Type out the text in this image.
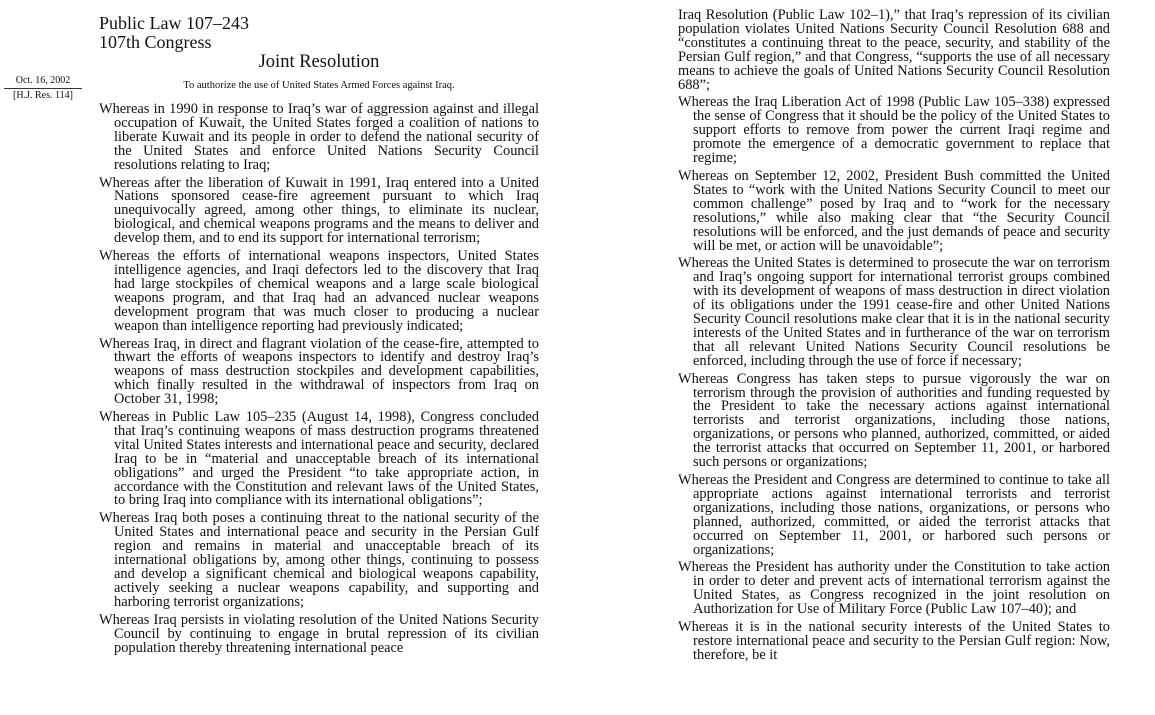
Public Law 107–243
107th Congress
Joint Resolution
To authorize the use of United States Armed Forces against Iraq.
Oct. 16, 2002
[H.J. Res. 114]
Whereas in 1990 in response to Iraq’s war of aggression against and illegal occupation of Kuwait, the United States forged a coalition of nations to liberate Kuwait and its people in order to defend the national security of the United States and enforce United Nations Security Council resolutions relating to Iraq;
Whereas after the liberation of Kuwait in 1991, Iraq entered into a United Nations sponsored cease-fire agreement pursuant to which Iraq unequivocally agreed, among other things, to eliminate its nuclear, biological, and chemical weapons programs and the means to deliver and develop them, and to end its support for international terrorism;
Whereas the efforts of international weapons inspectors, United States intelligence agencies, and Iraqi defectors led to the discovery that Iraq had large stockpiles of chemical weapons and a large scale biological weapons program, and that Iraq had an advanced nuclear weapons development program that was much closer to producing a nuclear weapon than intelligence reporting had previously indicated;
Whereas Iraq, in direct and flagrant violation of the cease-fire, attempted to thwart the efforts of weapons inspectors to identify and destroy Iraq’s weapons of mass destruction stockpiles and development capabilities, which finally resulted in the withdrawal of inspectors from Iraq on October 31, 1998;
Whereas in Public Law 105–235 (August 14, 1998), Congress concluded that Iraq’s continuing weapons of mass destruction programs threatened vital United States interests and international peace and security, declared Iraq to be in “material and unacceptable breach of its international obligations” and urged the President “to take appropriate action, in accordance with the Constitution and relevant laws of the United States, to bring Iraq into compliance with its international obligations”;
Whereas Iraq both poses a continuing threat to the national security of the United States and international peace and security in the Persian Gulf region and remains in material and unacceptable breach of its international obligations by, among other things, continuing to possess and develop a significant chemical and biological weapons capability, actively seeking a nuclear weapons capability, and supporting and harboring terrorist organizations;
Whereas Iraq persists in violating resolution of the United Nations Security Council by continuing to engage in brutal repression of its civilian population thereby threatening international peace
Iraq Resolution (Public Law 102–1),” that Iraq’s repression of its civilian population violates United Nations Security Council Resolution 688 and “constitutes a continuing threat to the peace, security, and stability of the Persian Gulf region,” and that Congress, “supports the use of all necessary means to achieve the goals of United Nations Security Council Resolution 688”;
Whereas the Iraq Liberation Act of 1998 (Public Law 105–338) expressed the sense of Congress that it should be the policy of the United States to support efforts to remove from power the current Iraqi regime and promote the emergence of a democratic government to replace that regime;
Whereas on September 12, 2002, President Bush committed the United States to “work with the United Nations Security Council to meet our common challenge” posed by Iraq and to “work for the necessary resolutions,” while also making clear that “the Security Council resolutions will be enforced, and the just demands of peace and security will be met, or action will be unavoidable”;
Whereas the United States is determined to prosecute the war on terrorism and Iraq’s ongoing support for international terrorist groups combined with its development of weapons of mass destruction in direct violation of its obligations under the 1991 cease-fire and other United Nations Security Council resolutions make clear that it is in the national security interests of the United States and in furtherance of the war on terrorism that all relevant United Nations Security Council resolutions be enforced, including through the use of force if necessary;
Whereas Congress has taken steps to pursue vigorously the war on terrorism through the provision of authorities and funding requested by the President to take the necessary actions against international terrorists and terrorist organizations, including those nations, organizations, or persons who planned, authorized, committed, or aided the terrorist attacks that occurred on September 11, 2001, or harbored such persons or organizations;
Whereas the President and Congress are determined to continue to take all appropriate actions against international terrorists and terrorist organizations, including those nations, organizations, or persons who planned, authorized, committed, or aided the terrorist attacks that occurred on September 11, 2001, or harbored such persons or organizations;
Whereas the President has authority under the Constitution to take action in order to deter and prevent acts of international terrorism against the United States, as Congress recognized in the joint resolution on Authorization for Use of Military Force (Public Law 107–40); and
Whereas it is in the national security interests of the United States to restore international peace and security to the Persian Gulf region: Now, therefore, be it
